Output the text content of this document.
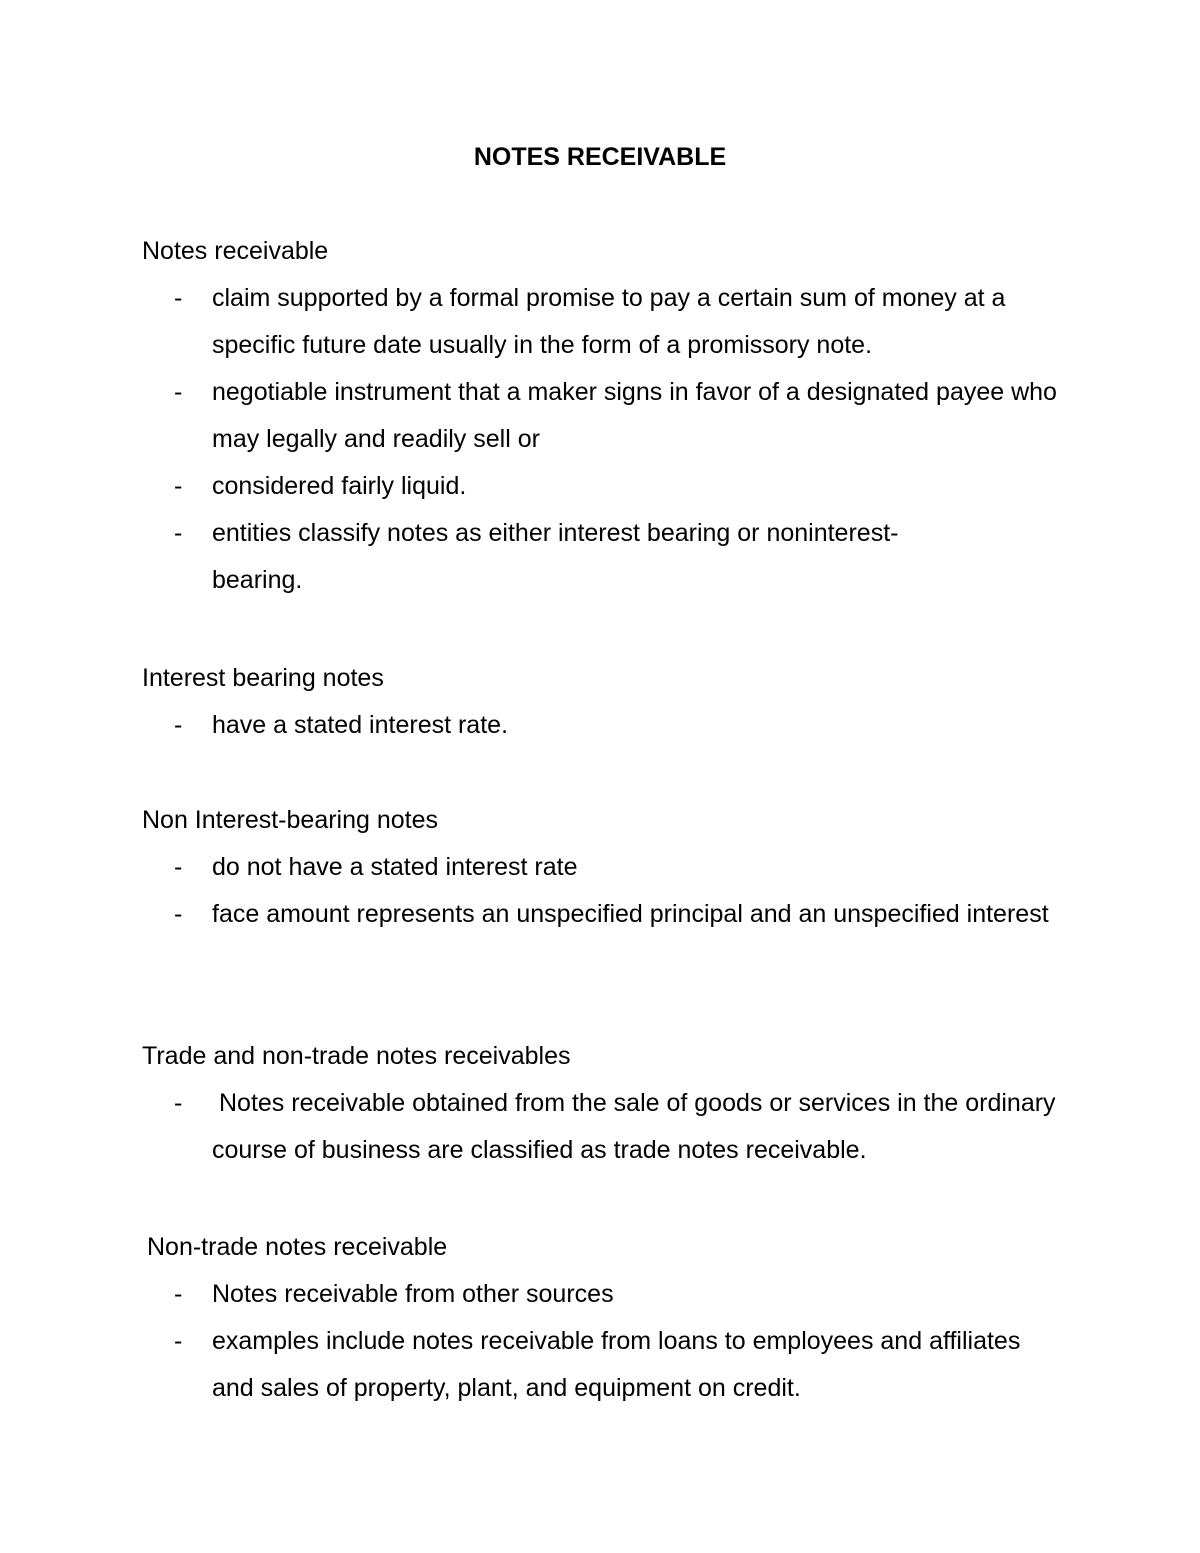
NOTES RECEIVABLE
Notes receivable
- claim supported by a formal promise to pay a certain sum of money at a specific future date usually in the form of a promissory note.
- negotiable instrument that a maker signs in favor of a designated payee who may legally and readily sell or
- considered fairly liquid.
- entities classify notes as either interest bearing or noninterest-bearing.
Interest bearing notes
- have a stated interest rate.
Non Interest-bearing notes
- do not have a stated interest rate
- face amount represents an unspecified principal and an unspecified interest
Trade and non-trade notes receivables
- Notes receivable obtained from the sale of goods or services in the ordinary course of business are classified as trade notes receivable.
Non-trade notes receivable
- Notes receivable from other sources
- examples include notes receivable from loans to employees and affiliates and sales of property, plant, and equipment on credit.
